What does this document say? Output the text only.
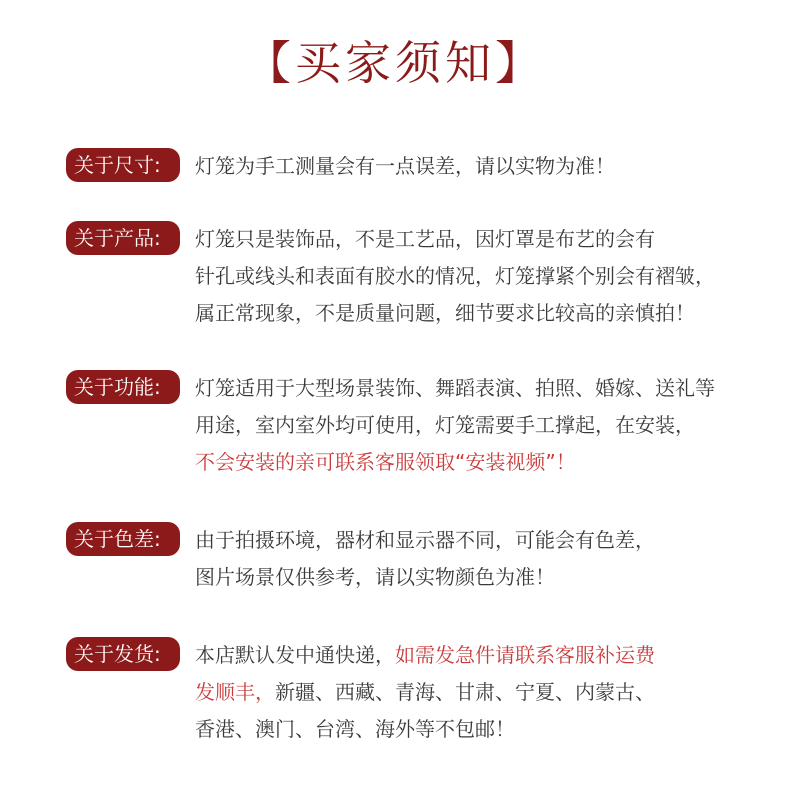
【买家须知】
关于尺寸:	灯笼为手工测量会有一点误差，请以实物为准！
关于产品:	灯笼只是装饰品，不是工艺品，因灯罩是布艺的会有
针孔或线头和表面有胶水的情况，灯笼撑紧个别会有褶皱，
属正常现象，不是质量问题，细节要求比较高的亲慎拍！
关于功能:	灯笼适用于大型场景装饰、舞蹈表演、拍照、婚嫁、送礼等
用途，室内室外均可使用，灯笼需要手工撑起，在安装，
不会安装的亲可联系客服领取“安装视频”！
关于色差:	由于拍摄环境，器材和显示器不同，可能会有色差，
图片场景仅供参考，请以实物颜色为准！
关于发货:	本店默认发中通快递，如需发急件请联系客服补运费
发顺丰，新疆、西藏、青海、甘肃、宁夏、内蒙古、
香港、澳门、台湾、海外等不包邮！
